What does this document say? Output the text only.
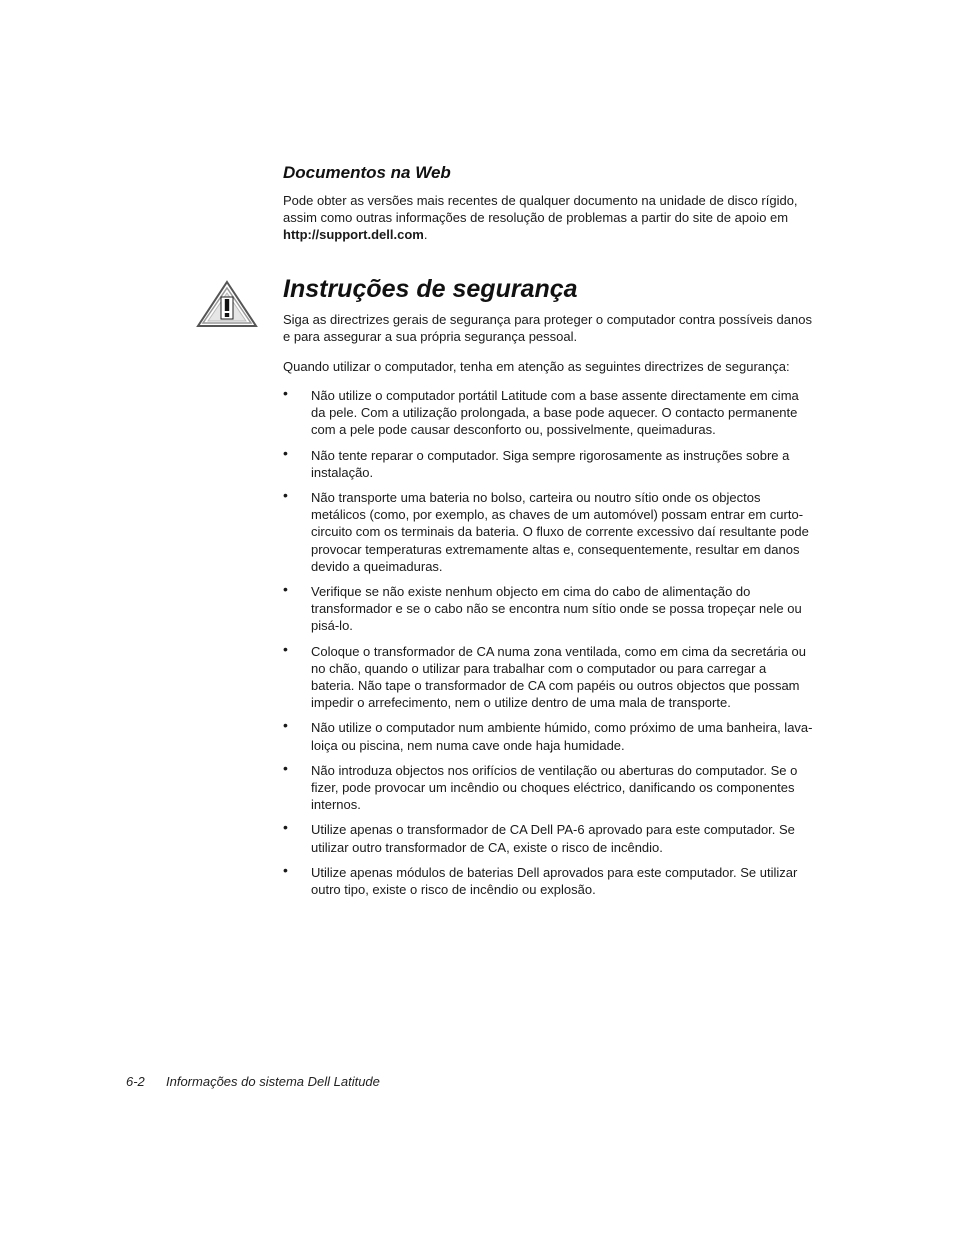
Documentos na Web

Pode obter as versões mais recentes de qualquer documento na unidade de disco rígido, assim como outras informações de resolução de problemas a partir do site de apoio em http://support.dell.com.

Instruções de segurança

Siga as directrizes gerais de segurança para proteger o computador contra possíveis danos e para assegurar a sua própria segurança pessoal.

Quando utilizar o computador, tenha em atenção as seguintes directrizes de segurança:

• Não utilize o computador portátil Latitude com a base assente directamente em cima da pele. Com a utilização prolongada, a base pode aquecer. O contacto permanente com a pele pode causar desconforto ou, possivelmente, queimaduras.
• Não tente reparar o computador. Siga sempre rigorosamente as instruções sobre a instalação.
• Não transporte uma bateria no bolso, carteira ou noutro sítio onde os objectos metálicos (como, por exemplo, as chaves de um automóvel) possam entrar em curto-circuito com os terminais da bateria. O fluxo de corrente excessivo daí resultante pode provocar temperaturas extremamente altas e, consequentemente, resultar em danos devido a queimaduras.
• Verifique se não existe nenhum objecto em cima do cabo de alimentação do transformador e se o cabo não se encontra num sítio onde se possa tropeçar nele ou pisá-lo.
• Coloque o transformador de CA numa zona ventilada, como em cima da secretária ou no chão, quando o utilizar para trabalhar com o computador ou para carregar a bateria. Não tape o transformador de CA com papéis ou outros objectos que possam impedir o arrefecimento, nem o utilize dentro de uma mala de transporte.
• Não utilize o computador num ambiente húmido, como próximo de uma banheira, lava-loiça ou piscina, nem numa cave onde haja humidade.
• Não introduza objectos nos orifícios de ventilação ou aberturas do computador. Se o fizer, pode provocar um incêndio ou choques eléctrico, danificando os componentes internos.
• Utilize apenas o transformador de CA Dell PA-6 aprovado para este computador. Se utilizar outro transformador de CA, existe o risco de incêndio.
• Utilize apenas módulos de baterias Dell aprovados para este computador. Se utilizar outro tipo, existe o risco de incêndio ou explosão.
6-2 Informações do sistema Dell Latitude
